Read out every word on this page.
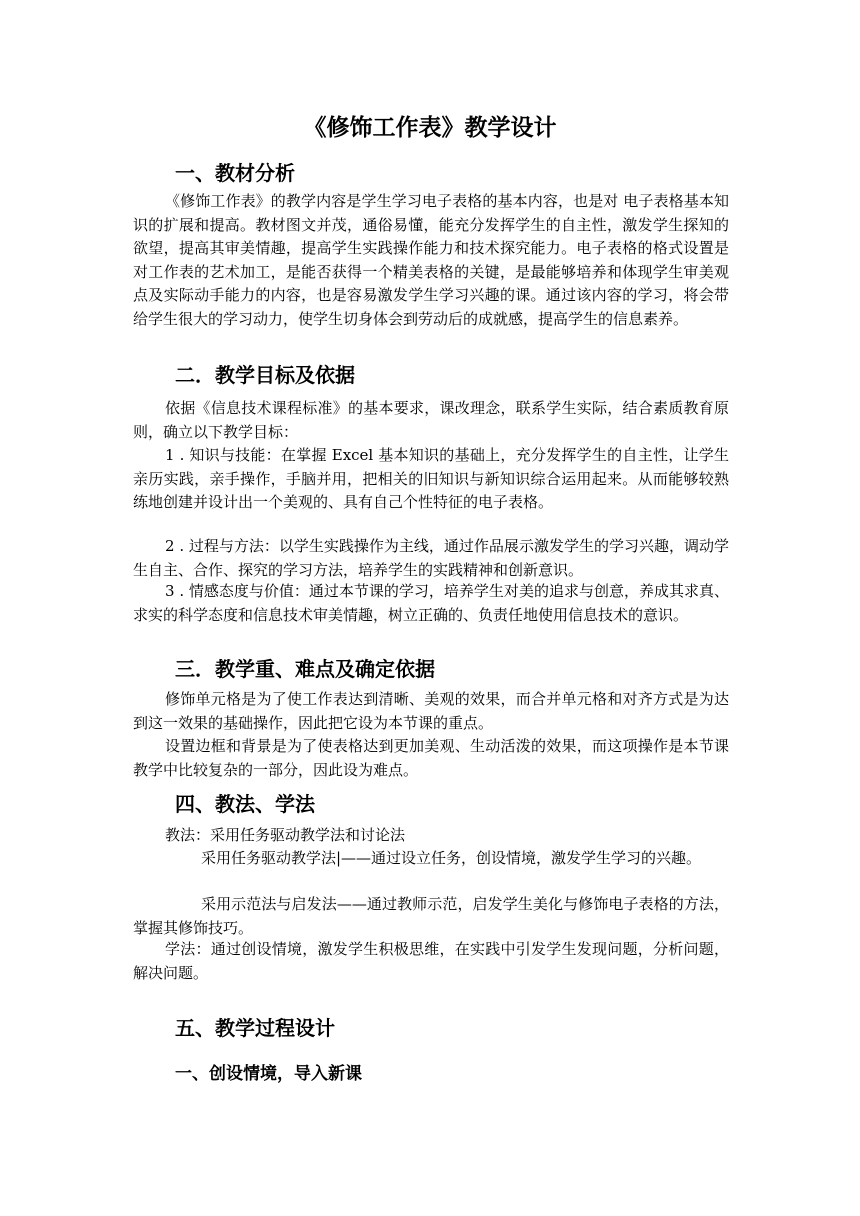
《修饰工作表》教学设计
一、教材分析
《修饰工作表》的教学内容是学生学习电子表格的基本内容，也是对 电子表格基本知识的扩展和提高。教材图文并茂，通俗易懂，能充分发挥学生的自主性，激发学生探知的欲望，提高其审美情趣，提高学生实践操作能力和技术探究能力。电子表格的格式设置是对工作表的艺术加工，是能否获得一个精美表格的关键，是最能够培养和体现学生审美观点及实际动手能力的内容，也是容易激发学生学习兴趣的课。通过该内容的学习，将会带给学生很大的学习动力，使学生切身体会到劳动后的成就感，提高学生的信息素养。
二．教学目标及依据
依据《信息技术课程标准》的基本要求，课改理念，联系学生实际，结合素质教育原则，确立以下教学目标：
1 . 知识与技能：在掌握 Excel 基本知识的基础上，充分发挥学生的自主性，让学生亲历实践，亲手操作，手脑并用，把相关的旧知识与新知识综合运用起来。从而能够较熟练地创建并设计出一个美观的、具有自己个性特征的电子表格。
2 . 过程与方法：以学生实践操作为主线，通过作品展示激发学生的学习兴趣，调动学生自主、合作、探究的学习方法，培养学生的实践精神和创新意识。
3 . 情感态度与价值：通过本节课的学习，培养学生对美的追求与创意，养成其求真、求实的科学态度和信息技术审美情趣，树立正确的、负责任地使用信息技术的意识。
三．教学重、难点及确定依据
修饰单元格是为了使工作表达到清晰、美观的效果，而合并单元格和对齐方式是为达到这一效果的基础操作，因此把它设为本节课的重点。
设置边框和背景是为了使表格达到更加美观、生动活泼的效果，而这项操作是本节课教学中比较复杂的一部分，因此设为难点。
四、教法、学法
教法：采用任务驱动教学法和讨论法
采用任务驱动教学法|——通过设立任务，创设情境，激发学生学习的兴趣。
采用示范法与启发法——通过教师示范，启发学生美化与修饰电子表格的方法，掌握其修饰技巧。
学法：通过创设情境，激发学生积极思维，在实践中引发学生发现问题，分析问题，解决问题。
五、教学过程设计
一、创设情境，导入新课
